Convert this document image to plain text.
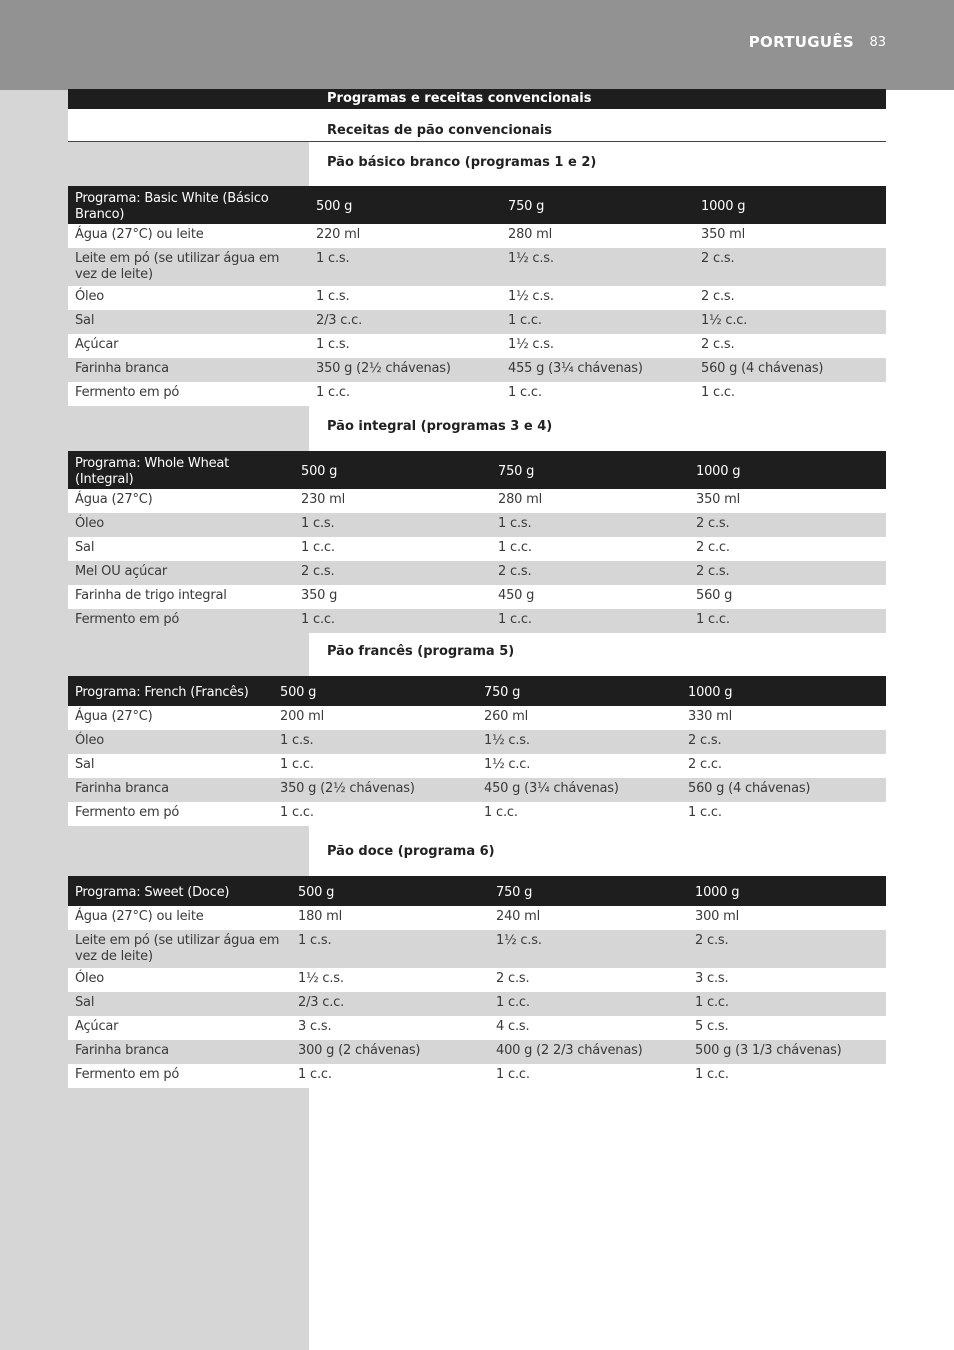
PORTUGUÊS 83
Programas e receitas convencionais
Receitas de pão convencionais
Pão básico branco (programas 1 e 2)
Programa: Basic White (Básico Branco)	500 g	750 g	1000 g
Água (27°C) ou leite	220 ml	280 ml	350 ml
Leite em pó (se utilizar água em vez de leite)	1 c.s.	1½ c.s.	2 c.s.
Óleo	1 c.s.	1½ c.s.	2 c.s.
Sal	2/3 c.c.	1 c.c.	1½ c.c.
Açúcar	1 c.s.	1½ c.s.	2 c.s.
Farinha branca	350 g (2½ chávenas)	455 g (3¼ chávenas)	560 g (4 chávenas)
Fermento em pó	1 c.c.	1 c.c.	1 c.c.
Pão integral (programas 3 e 4)
Programa: Whole Wheat (Integral)	500 g	750 g	1000 g
Água (27°C)	230 ml	280 ml	350 ml
Óleo	1 c.s.	1 c.s.	2 c.s.
Sal	1 c.c.	1 c.c.	2 c.c.
Mel OU açúcar	2 c.s.	2 c.s.	2 c.s.
Farinha de trigo integral	350 g	450 g	560 g
Fermento em pó	1 c.c.	1 c.c.	1 c.c.
Pão francês (programa 5)
Programa: French (Francês)	500 g	750 g	1000 g
Água (27°C)	200 ml	260 ml	330 ml
Óleo	1 c.s.	1½ c.s.	2 c.s.
Sal	1 c.c.	1½ c.c.	2 c.c.
Farinha branca	350 g (2½ chávenas)	450 g (3¼ chávenas)	560 g (4 chávenas)
Fermento em pó	1 c.c.	1 c.c.	1 c.c.
Pão doce (programa 6)
Programa: Sweet (Doce)	500 g	750 g	1000 g
Água (27°C) ou leite	180 ml	240 ml	300 ml
Leite em pó (se utilizar água em vez de leite)	1 c.s.	1½ c.s.	2 c.s.
Óleo	1½ c.s.	2 c.s.	3 c.s.
Sal	2/3 c.c.	1 c.c.	1 c.c.
Açúcar	3 c.s.	4 c.s.	5 c.s.
Farinha branca	300 g (2 chávenas)	400 g (2 2/3 chávenas)	500 g (3 1/3 chávenas)
Fermento em pó	1 c.c.	1 c.c.	1 c.c.
